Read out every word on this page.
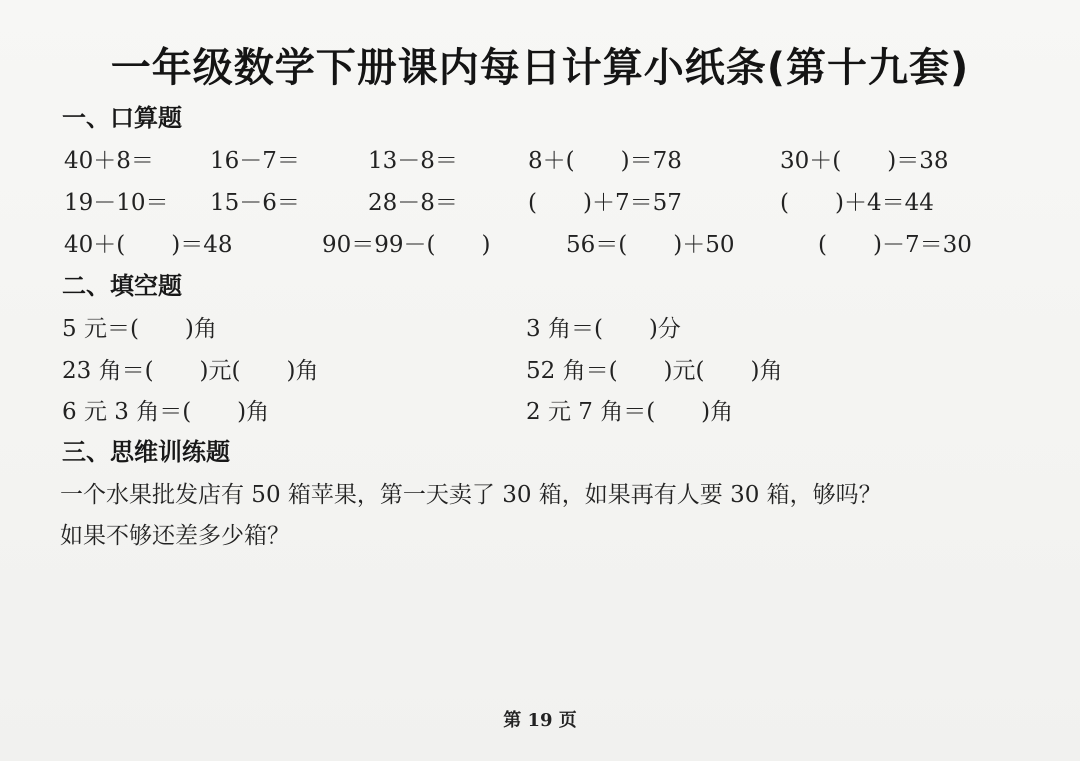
一年级数学下册课内每日计算小纸条(第十九套)
一、口算题
40＋8＝ 16－7＝	13－8＝	8＋(　　)＝78	30＋(　　)＝38
19－10＝ 15－6＝	28－8＝	(　　)＋7＝57	(　　)＋4＝44
40＋(　　)＝48	90＝99－(　　)	56＝(　　)＋50	(　　)－7＝30
二、填空题
5 元＝(　　)角	3 角＝(　　)分
23 角＝(　　)元(　　)角	52 角＝(　　)元(　　)角
6 元 3 角＝(　　)角	2 元 7 角＝(　　)角
三、思维训练题
一个水果批发店有 50 箱苹果，第一天卖了 30 箱，如果再有人要 30 箱，够吗？
如果不够还差多少箱？
第 19 页
